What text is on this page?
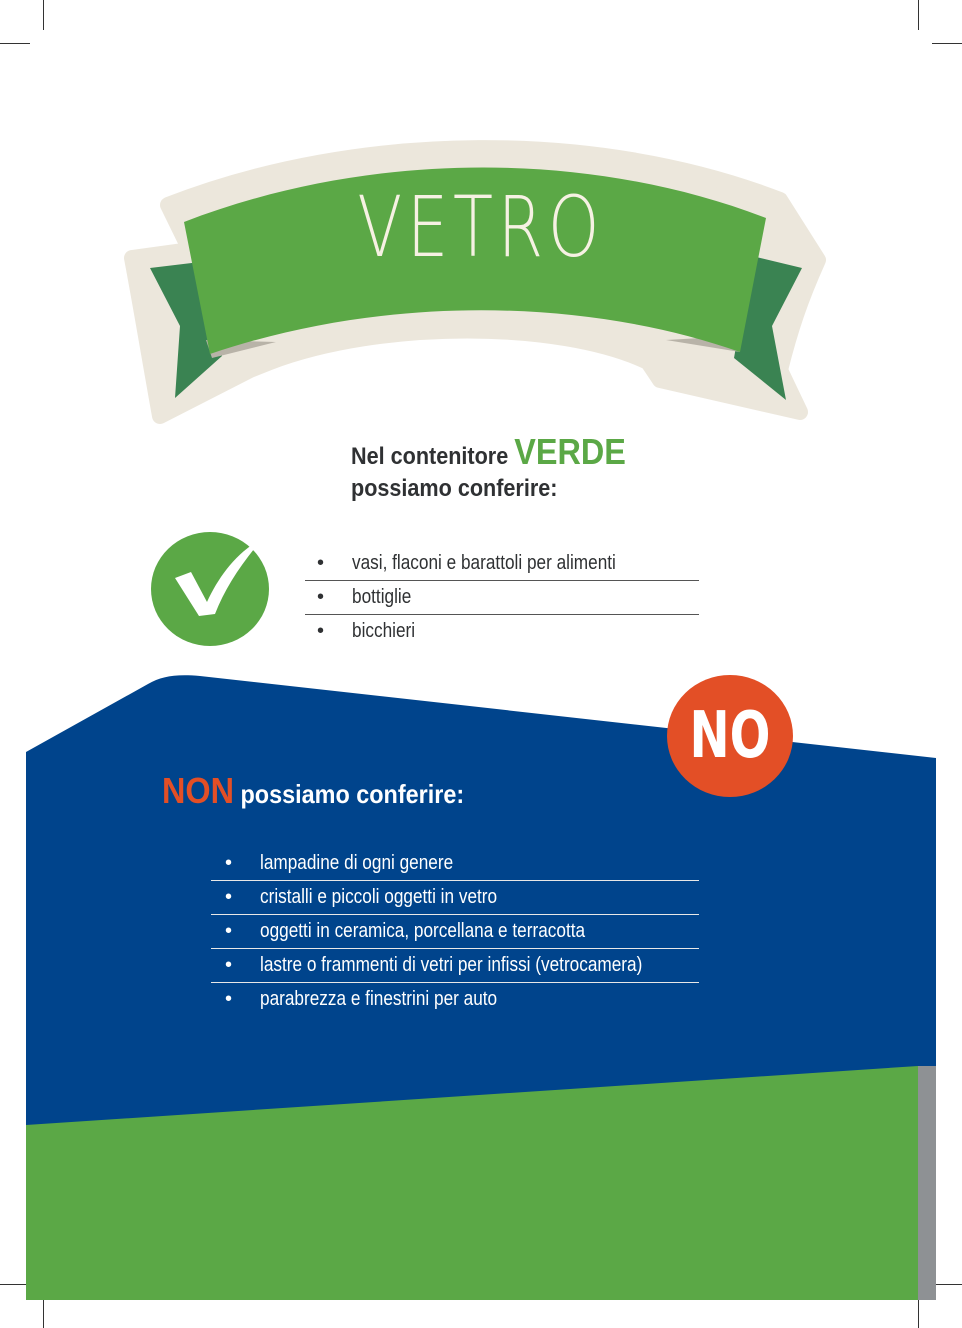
VETRO
Nel contenitore VERDE
possiamo conferire:
• vasi, flaconi e barattoli per alimenti
• bottiglie
• bicchieri
NO
NON possiamo conferire:
• lampadine di ogni genere
• cristalli e piccoli oggetti in vetro
• oggetti in ceramica, porcellana e terracotta
• lastre o frammenti di vetri per infissi (vetrocamera)
• parabrezza e finestrini per auto
